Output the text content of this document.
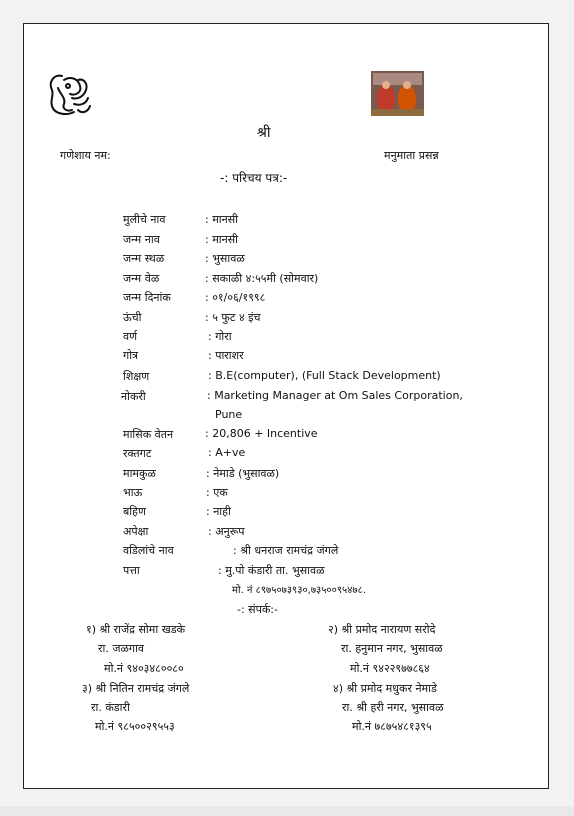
श्री
गणेशाय नम:	मनुमाता प्रसन्न
-: परिचय पत्र:-
मुलीचे नाव	: मानसी
जन्म नाव	: मानसी
जन्म स्थळ	: भुसावळ
जन्म वेळ	: सकाळी ४:५५मी (सोमवार)
जन्म दिनांक	: ०१/०६/१९९८
ऊंची	: ५ फुट ४ इंच
वर्ण	: गोरा
गोत्र	: पाराशर
शिक्षण	: B.E(computer), (Full Stack Development)
नोकरी	: Marketing Manager at Om Sales Corporation,
Pune
मासिक वेतन	: 20,806 + Incentive
रक्तगट	: A+ve
मामकुळ	: नेमाडे (भुसावळ)
भाऊ	: एक
बहिण	: नाही
अपेक्षा	: अनुरूप
वडिलांचे नाव	: श्री धनराज रामचंद्र जंगले
पत्ता	: मु.पो कंडारी ता. भुसावळ
मो. नं ८९७५०७३९३०,७३५००९५४७८.
-: संपर्क:-
१) श्री राजेंद्र सोमा खडके
रा. जळगाव
मो.नं ९४०३४८००८०
२) श्री प्रमोद नारायण सरोदे
रा. हनुमान नगर, भुसावळ
मो.नं ९४२२९७७८६४
३) श्री नितिन रामचंद्र जंगले
रा. कंडारी
मो.नं ९८५००२९५५३
४) श्री प्रमोद मधुकर नेमाडे
रा. श्री हरी नगर, भुसावळ
मो.नं ७८७५४८१३९५
